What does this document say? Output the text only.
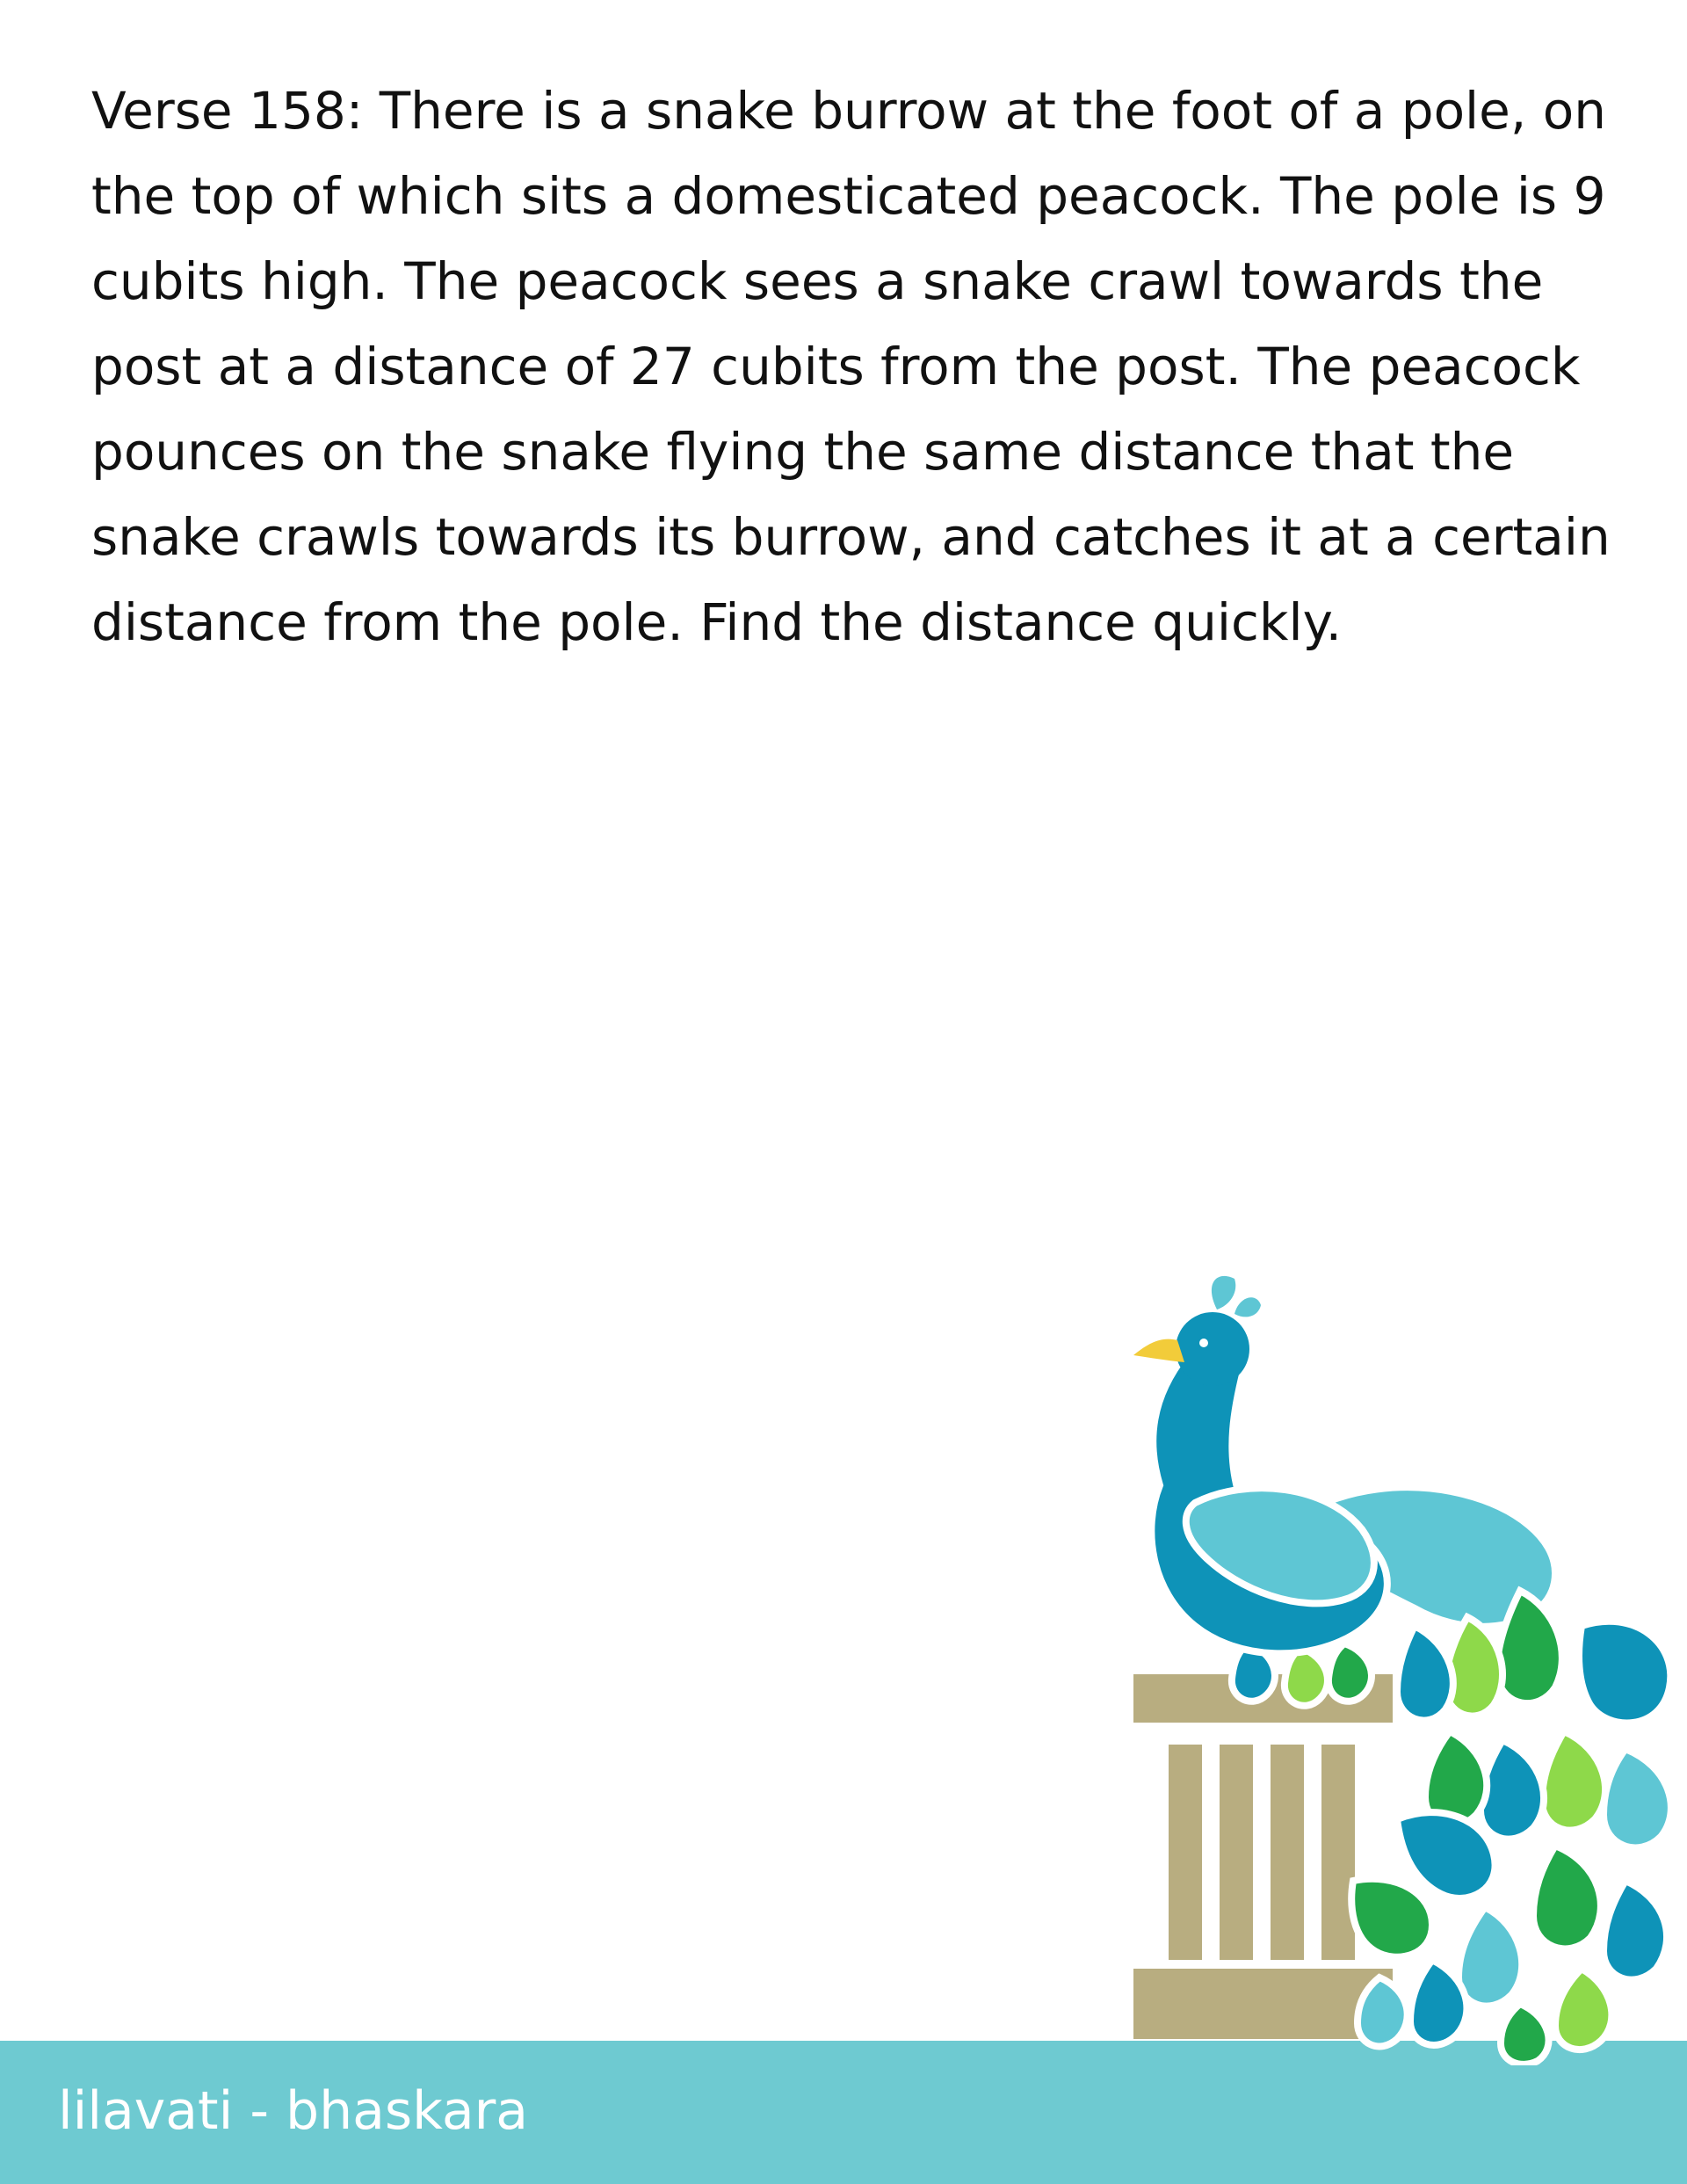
Verse 158: There is a snake burrow at the foot of a pole, on the top of which sits a domesticated peacock. The pole is 9 cubits high. The peacock sees a snake crawl towards the post at a distance of 27 cubits from the post. The peacock pounces on the snake flying the same distance that the snake crawls towards its burrow, and catches it at a certain distance from the pole. Find the distance quickly.

lilavati - bhaskara
